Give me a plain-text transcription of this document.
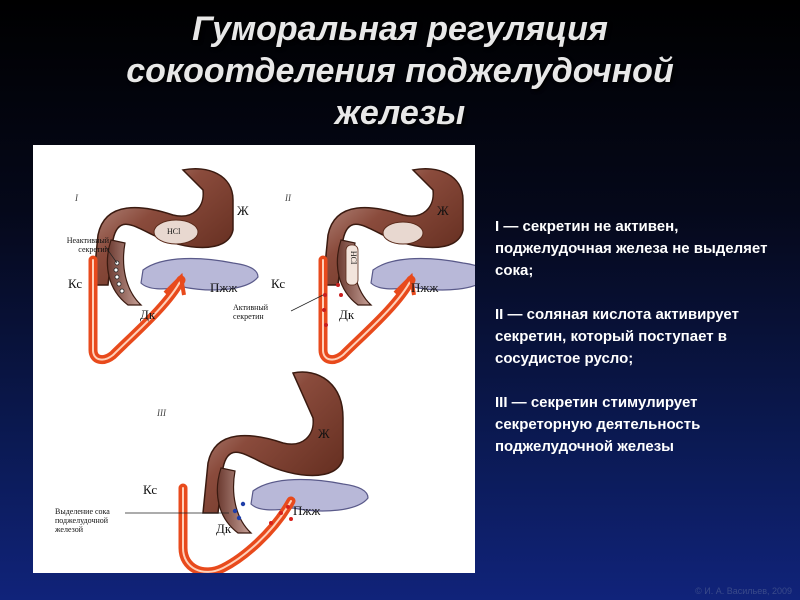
Гуморальная регуляция
сокоотделения поджелудочной
железы
I
Ж
HCl
Неактивный секретин
Кс
Дк
Пжж
II
Ж
HCl
Кс
Активный секретин	Дк
Пжж
III
Ж
Кс
Выделение сока поджелудочной железой	Дк
Пжж

I — секретин не активен, поджелудочная железа не выделяет сока;

II — соляная кислота активирует секретин, который поступает в сосудистое русло;

III — секретин стимулирует секреторную деятельность поджелудочной железы

© И. А. Васильев, 2009
